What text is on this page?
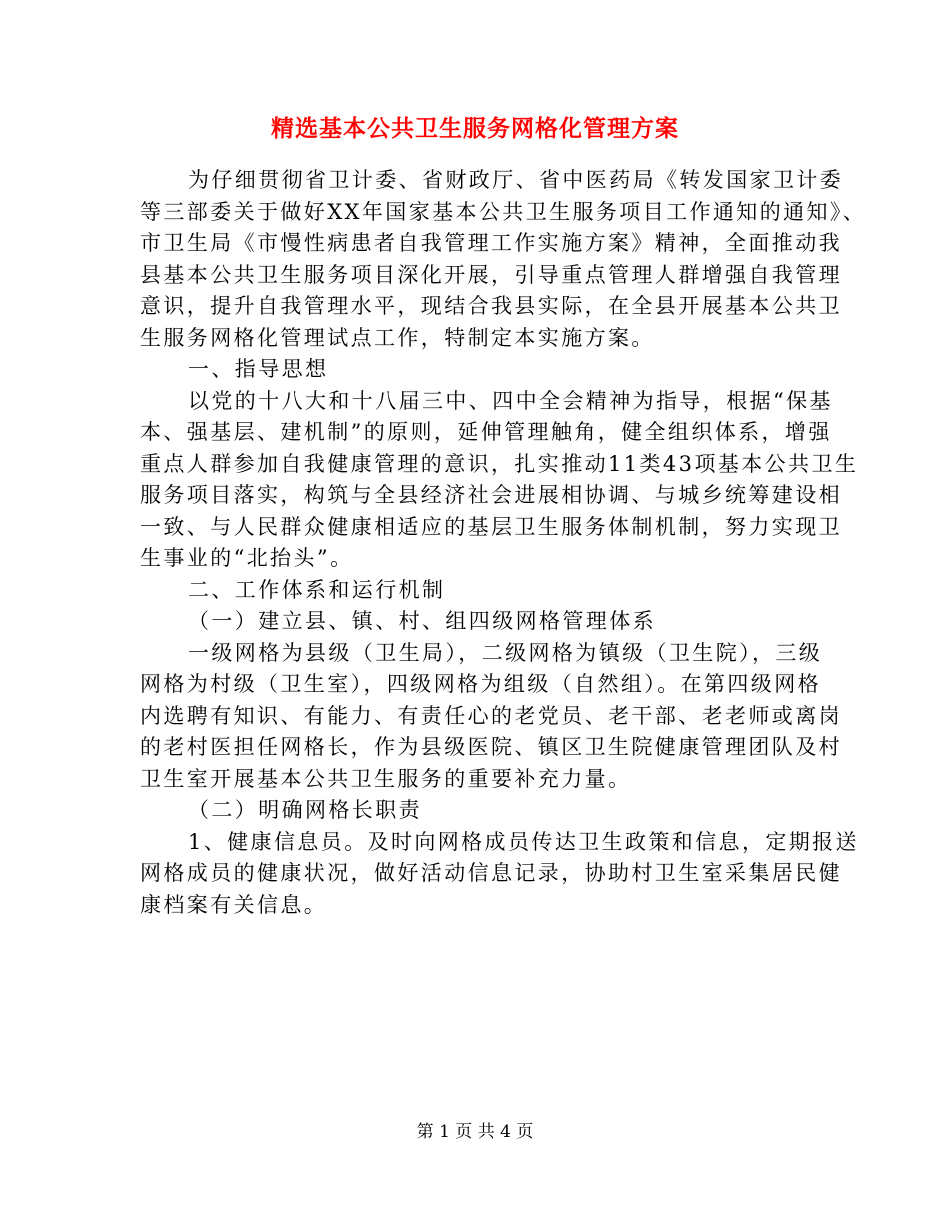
精选基本公共卫生服务网格化管理方案
为仔细贯彻省卫计委、省财政厅、省中医药局《转发国家卫计委
等三部委关于做好XX年国家基本公共卫生服务项目工作通知的通知》、
市卫生局《市慢性病患者自我管理工作实施方案》精神，全面推动我
县基本公共卫生服务项目深化开展，引导重点管理人群增强自我管理
意识，提升自我管理水平，现结合我县实际，在全县开展基本公共卫
生服务网格化管理试点工作，特制定本实施方案。
一、指导思想
以党的十八大和十八届三中、四中全会精神为指导，根据“保基
本、强基层、建机制”的原则，延伸管理触角，健全组织体系，增强
重点人群参加自我健康管理的意识，扎实推动11类43项基本公共卫生
服务项目落实，构筑与全县经济社会进展相协调、与城乡统筹建设相
一致、与人民群众健康相适应的基层卫生服务体制机制，努力实现卫
生事业的“北抬头”。
二、工作体系和运行机制
（一）建立县、镇、村、组四级网格管理体系
一级网格为县级（卫生局），二级网格为镇级（卫生院），三级
网格为村级（卫生室），四级网格为组级（自然组）。在第四级网格
内选聘有知识、有能力、有责任心的老党员、老干部、老老师或离岗
的老村医担任网格长，作为县级医院、镇区卫生院健康管理团队及村
卫生室开展基本公共卫生服务的重要补充力量。
（二）明确网格长职责
1、健康信息员。及时向网格成员传达卫生政策和信息，定期报送
网格成员的健康状况，做好活动信息记录，协助村卫生室采集居民健
康档案有关信息。
第 1 页 共 4 页
